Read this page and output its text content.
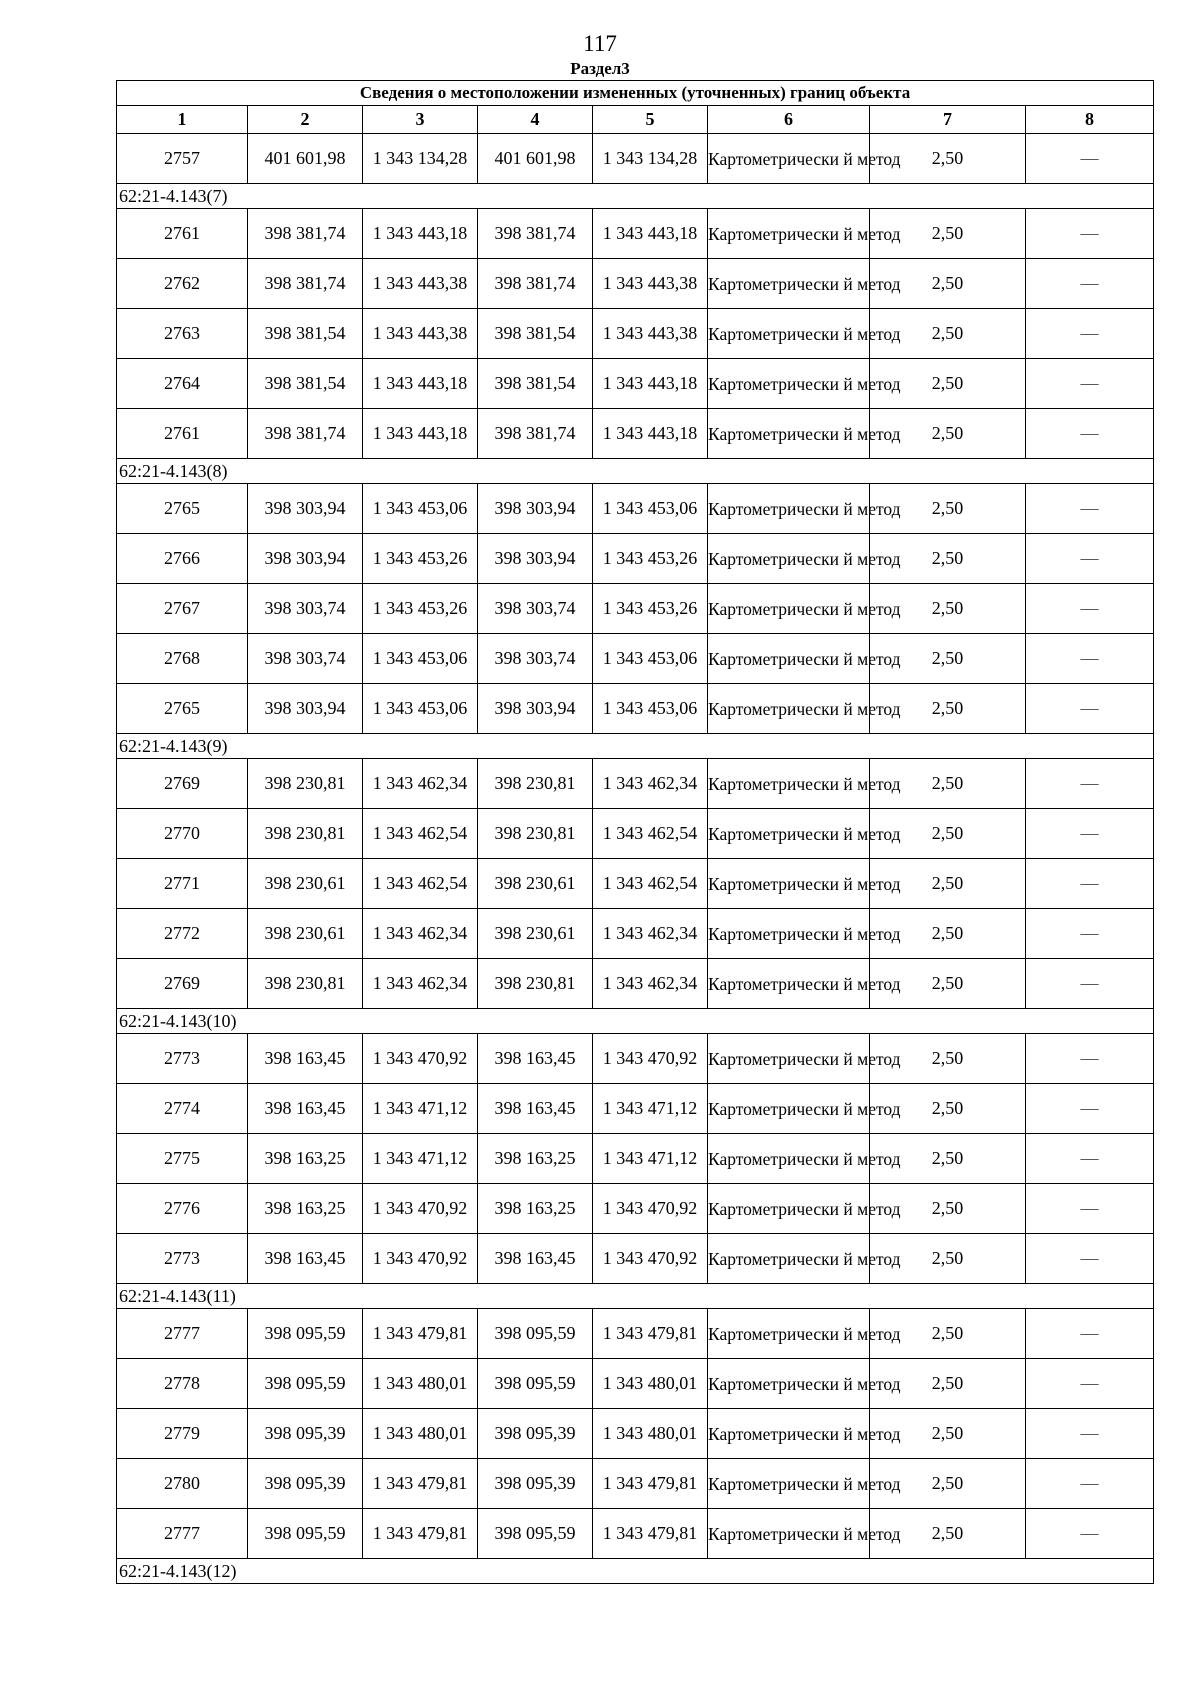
117
Раздел3
Сведения о местоположении измененных (уточненных) границ объекта							
1	2	3	4	5	6	7	8
2757	401 601,98	1 343 134,28	401 601,98	1 343 134,28	Картометрически й метод	2,50	—
62:21-4.143(7)							
2761	398 381,74	1 343 443,18	398 381,74	1 343 443,18	Картометрически й метод	2,50	—
2762	398 381,74	1 343 443,38	398 381,74	1 343 443,38	Картометрически й метод	2,50	—
2763	398 381,54	1 343 443,38	398 381,54	1 343 443,38	Картометрически й метод	2,50	—
2764	398 381,54	1 343 443,18	398 381,54	1 343 443,18	Картометрически й метод	2,50	—
2761	398 381,74	1 343 443,18	398 381,74	1 343 443,18	Картометрически й метод	2,50	—
62:21-4.143(8)							
2765	398 303,94	1 343 453,06	398 303,94	1 343 453,06	Картометрически й метод	2,50	—
2766	398 303,94	1 343 453,26	398 303,94	1 343 453,26	Картометрически й метод	2,50	—
2767	398 303,74	1 343 453,26	398 303,74	1 343 453,26	Картометрически й метод	2,50	—
2768	398 303,74	1 343 453,06	398 303,74	1 343 453,06	Картометрически й метод	2,50	—
2765	398 303,94	1 343 453,06	398 303,94	1 343 453,06	Картометрически й метод	2,50	—
62:21-4.143(9)							
2769	398 230,81	1 343 462,34	398 230,81	1 343 462,34	Картометрически й метод	2,50	—
2770	398 230,81	1 343 462,54	398 230,81	1 343 462,54	Картометрически й метод	2,50	—
2771	398 230,61	1 343 462,54	398 230,61	1 343 462,54	Картометрически й метод	2,50	—
2772	398 230,61	1 343 462,34	398 230,61	1 343 462,34	Картометрически й метод	2,50	—
2769	398 230,81	1 343 462,34	398 230,81	1 343 462,34	Картометрически й метод	2,50	—
62:21-4.143(10)							
2773	398 163,45	1 343 470,92	398 163,45	1 343 470,92	Картометрически й метод	2,50	—
2774	398 163,45	1 343 471,12	398 163,45	1 343 471,12	Картометрически й метод	2,50	—
2775	398 163,25	1 343 471,12	398 163,25	1 343 471,12	Картометрически й метод	2,50	—
2776	398 163,25	1 343 470,92	398 163,25	1 343 470,92	Картометрически й метод	2,50	—
2773	398 163,45	1 343 470,92	398 163,45	1 343 470,92	Картометрически й метод	2,50	—
62:21-4.143(11)							
2777	398 095,59	1 343 479,81	398 095,59	1 343 479,81	Картометрически й метод	2,50	—
2778	398 095,59	1 343 480,01	398 095,59	1 343 480,01	Картометрически й метод	2,50	—
2779	398 095,39	1 343 480,01	398 095,39	1 343 480,01	Картометрически й метод	2,50	—
2780	398 095,39	1 343 479,81	398 095,39	1 343 479,81	Картометрически й метод	2,50	—
2777	398 095,59	1 343 479,81	398 095,59	1 343 479,81	Картометрически й метод	2,50	—
62:21-4.143(12)							
